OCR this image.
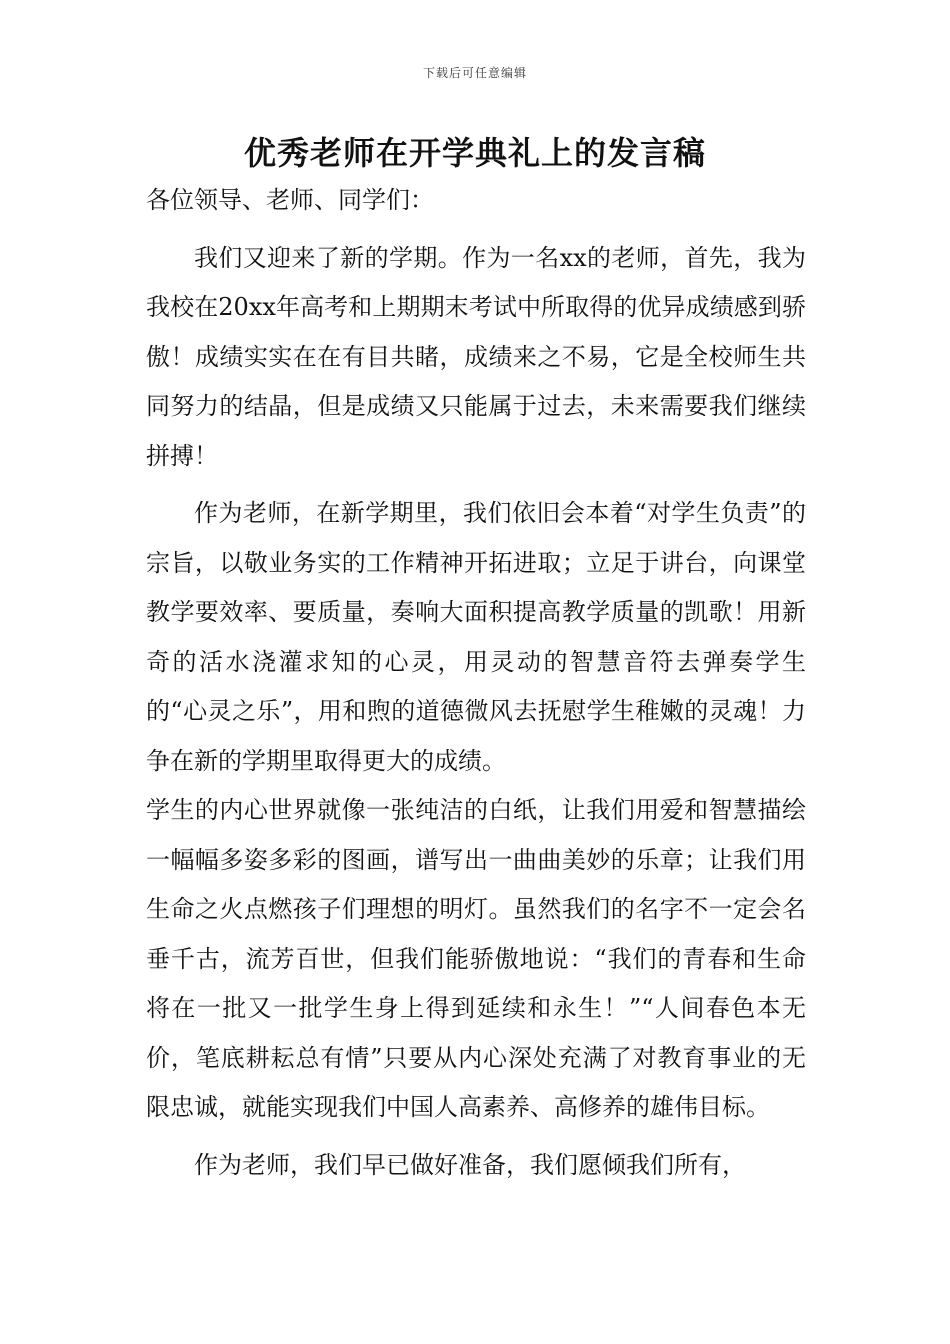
下载后可任意编辑
优秀老师在开学典礼上的发言稿

各位领导、老师、同学们：

我们又迎来了新的学期。作为一名xx的老师，首先，我为我校在20xx年高考和上期期末考试中所取得的优异成绩感到骄傲！成绩实实在在有目共睹，成绩来之不易，它是全校师生共同努力的结晶，但是成绩又只能属于过去，未来需要我们继续拼搏！

作为老师，在新学期里，我们依旧会本着“对学生负责”的宗旨，以敬业务实的工作精神开拓进取；立足于讲台，向课堂教学要效率、要质量，奏响大面积提高教学质量的凯歌！用新奇的活水浇灌求知的心灵，用灵动的智慧音符去弹奏学生的“心灵之乐”，用和煦的道德微风去抚慰学生稚嫩的灵魂！力争在新的学期里取得更大的成绩。

学生的内心世界就像一张纯洁的白纸，让我们用爱和智慧描绘一幅幅多姿多彩的图画，谱写出一曲曲美妙的乐章；让我们用生命之火点燃孩子们理想的明灯。虽然我们的名字不一定会名垂千古，流芳百世，但我们能骄傲地说：“我们的青春和生命将在一批又一批学生身上得到延续和永生！”“人间春色本无价，笔底耕耘总有情”只要从内心深处充满了对教育事业的无限忠诚，就能实现我们中国人高素养、高修养的雄伟目标。

作为老师，我们早已做好准备，我们愿倾我们所有，
